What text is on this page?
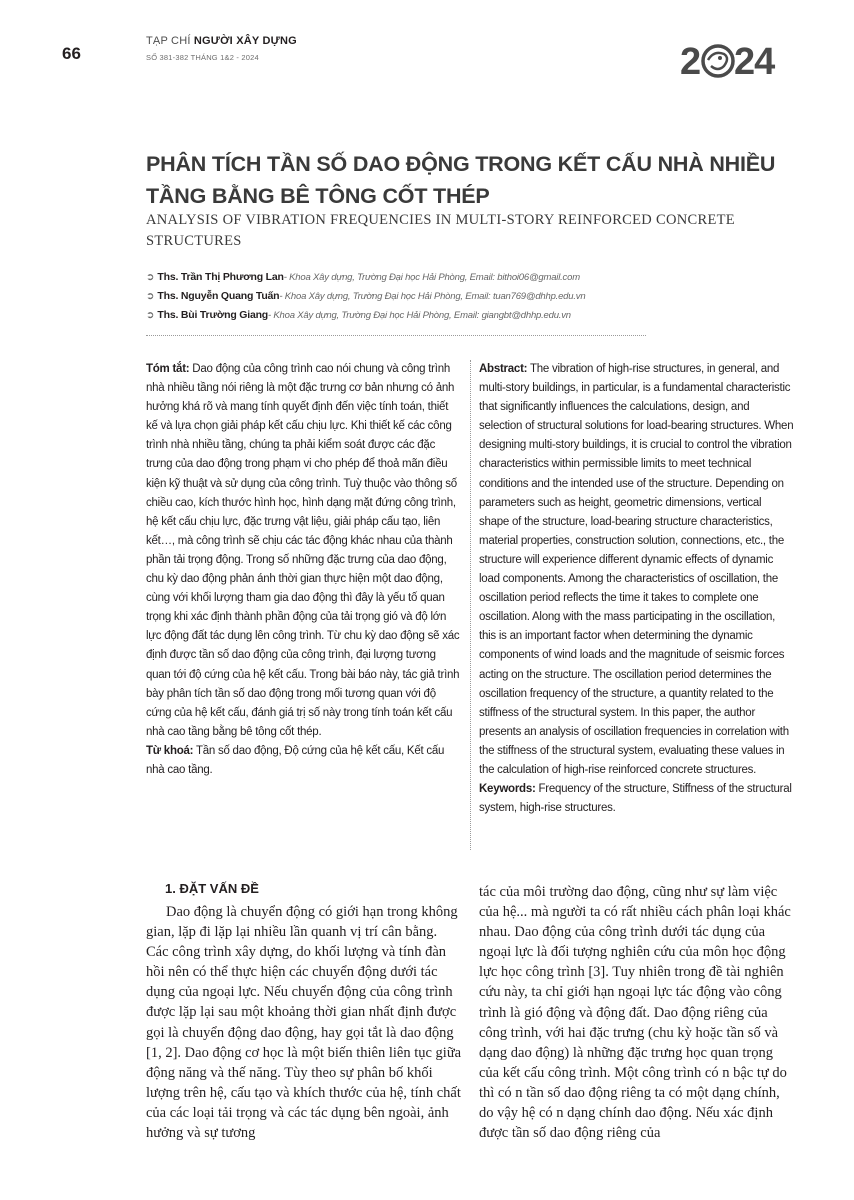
66
TẠP CHÍ NGƯỜI XÂY DỰNG
SỐ 381-382 THÁNG 1&2 - 2024	2 24
PHÂN TÍCH TẦN SỐ DAO ĐỘNG TRONG KẾT CẤU NHÀ NHIỀU TẦNG BẰNG BÊ TÔNG CỐT THÉP
ANALYSIS OF VIBRATION FREQUENCIES IN MULTI-STORY REINFORCED CONCRETE STRUCTURES
➲ Ths. Trần Thị Phương Lan - Khoa Xây dựng, Trường Đại học Hải Phòng, Email: bithoi06@gmail.com
➲ Ths. Nguyễn Quang Tuấn - Khoa Xây dựng, Trường Đại học Hải Phòng, Email: tuan769@dhhp.edu.vn
➲ Ths. Bùi Trường Giang - Khoa Xây dựng, Trường Đại học Hải Phòng, Email: giangbt@dhhp.edu.vn

Tóm tắt: Dao động của công trình cao nói chung và công trình nhà nhiều tầng nói riêng là một đặc trưng cơ bản nhưng có ảnh hưởng khá rõ và mang tính quyết định đến việc tính toán, thiết kế và lựa chọn giải pháp kết cấu chịu lực. Khi thiết kế các công trình nhà nhiều tầng, chúng ta phải kiểm soát được các đặc trưng của dao động trong phạm vi cho phép để thoả mãn điều kiện kỹ thuật và sử dụng của công trình. Tuỳ thuộc vào thông số chiều cao, kích thước hình học, hình dạng mặt đứng công trình, hệ kết cấu chịu lực, đặc trưng vật liệu, giải pháp cấu tạo, liên kết…, mà công trình sẽ chịu các tác động khác nhau của thành phần tải trọng động. Trong số những đặc trưng của dao động, chu kỳ dao động phản ánh thời gian thực hiện một dao động, cùng với khối lượng tham gia dao động thì đây là yếu tố quan trọng khi xác định thành phần động của tải trọng gió và độ lớn lực động đất tác dụng lên công trình. Từ chu kỳ dao động sẽ xác định được tần số dao động của công trình, đại lượng tương quan tới độ cứng của hệ kết cấu. Trong bài báo này, tác giả trình bày phân tích tần số dao động trong mối tương quan với độ cứng của hệ kết cấu, đánh giá trị số này trong tính toán kết cấu nhà cao tầng bằng bê tông cốt thép.

Từ khoá: Tần số dao động, Độ cứng của hệ kết cấu, Kết cấu nhà cao tầng.

Abstract: The vibration of high-rise structures, in general, and multi-story buildings, in particular, is a fundamental characteristic that significantly influences the calculations, design, and selection of structural solutions for load-bearing structures. When designing multi-story buildings, it is crucial to control the vibration characteristics within permissible limits to meet technical conditions and the intended use of the structure. Depending on parameters such as height, geometric dimensions, vertical shape of the structure, load-bearing structure characteristics, material properties, construction solution, connections, etc., the structure will experience different dynamic effects of dynamic load components. Among the characteristics of oscillation, the oscillation period reflects the time it takes to complete one oscillation. Along with the mass participating in the oscillation, this is an important factor when determining the dynamic components of wind loads and the magnitude of seismic forces acting on the structure. The oscillation period determines the oscillation frequency of the structure, a quantity related to the stiffness of the structural system. In this paper, the author presents an analysis of oscillation frequencies in correlation with the stiffness of the structural system, evaluating these values in the calculation of high-rise reinforced concrete structures.

Keywords: Frequency of the structure, Stiffness of the structural system, high-rise structures.

1. ĐẶT VẤN ĐỀ
Dao động là chuyển động có giới hạn trong không gian, lặp đi lặp lại nhiều lần quanh vị trí cân bằng. Các công trình xây dựng, do khối lượng và tính đàn hồi nên có thể thực hiện các chuyển động dưới tác dụng của ngoại lực. Nếu chuyển động của công trình được lặp lại sau một khoảng thời gian nhất định được gọi là chuyển động dao động, hay gọi tắt là dao động [1, 2]. Dao động cơ học là một biến thiên liên tục giữa động năng và thế năng. Tùy theo sự phân bố khối lượng trên hệ, cấu tạo và khích thước của hệ, tính chất của các loại tải trọng và các tác dụng bên ngoài, ảnh hưởng và sự tương
tác của môi trường dao động, cũng như sự làm việc của hệ... mà người ta có rất nhiều cách phân loại khác nhau. Dao động của công trình dưới tác dụng của ngoại lực là đối tượng nghiên cứu của môn học động lực học công trình [3]. Tuy nhiên trong đề tài nghiên cứu này, ta chỉ giới hạn ngoại lực tác động vào công trình là gió động và động đất. Dao động riêng của công trình, với hai đặc trưng (chu kỳ hoặc tần số và dạng dao động) là những đặc trưng học quan trọng của kết cấu công trình. Một công trình có n bậc tự do thì có n tần số dao động riêng ta có một dạng chính, do vậy hệ có n dạng chính dao động. Nếu xác định được tần số dao động riêng của
